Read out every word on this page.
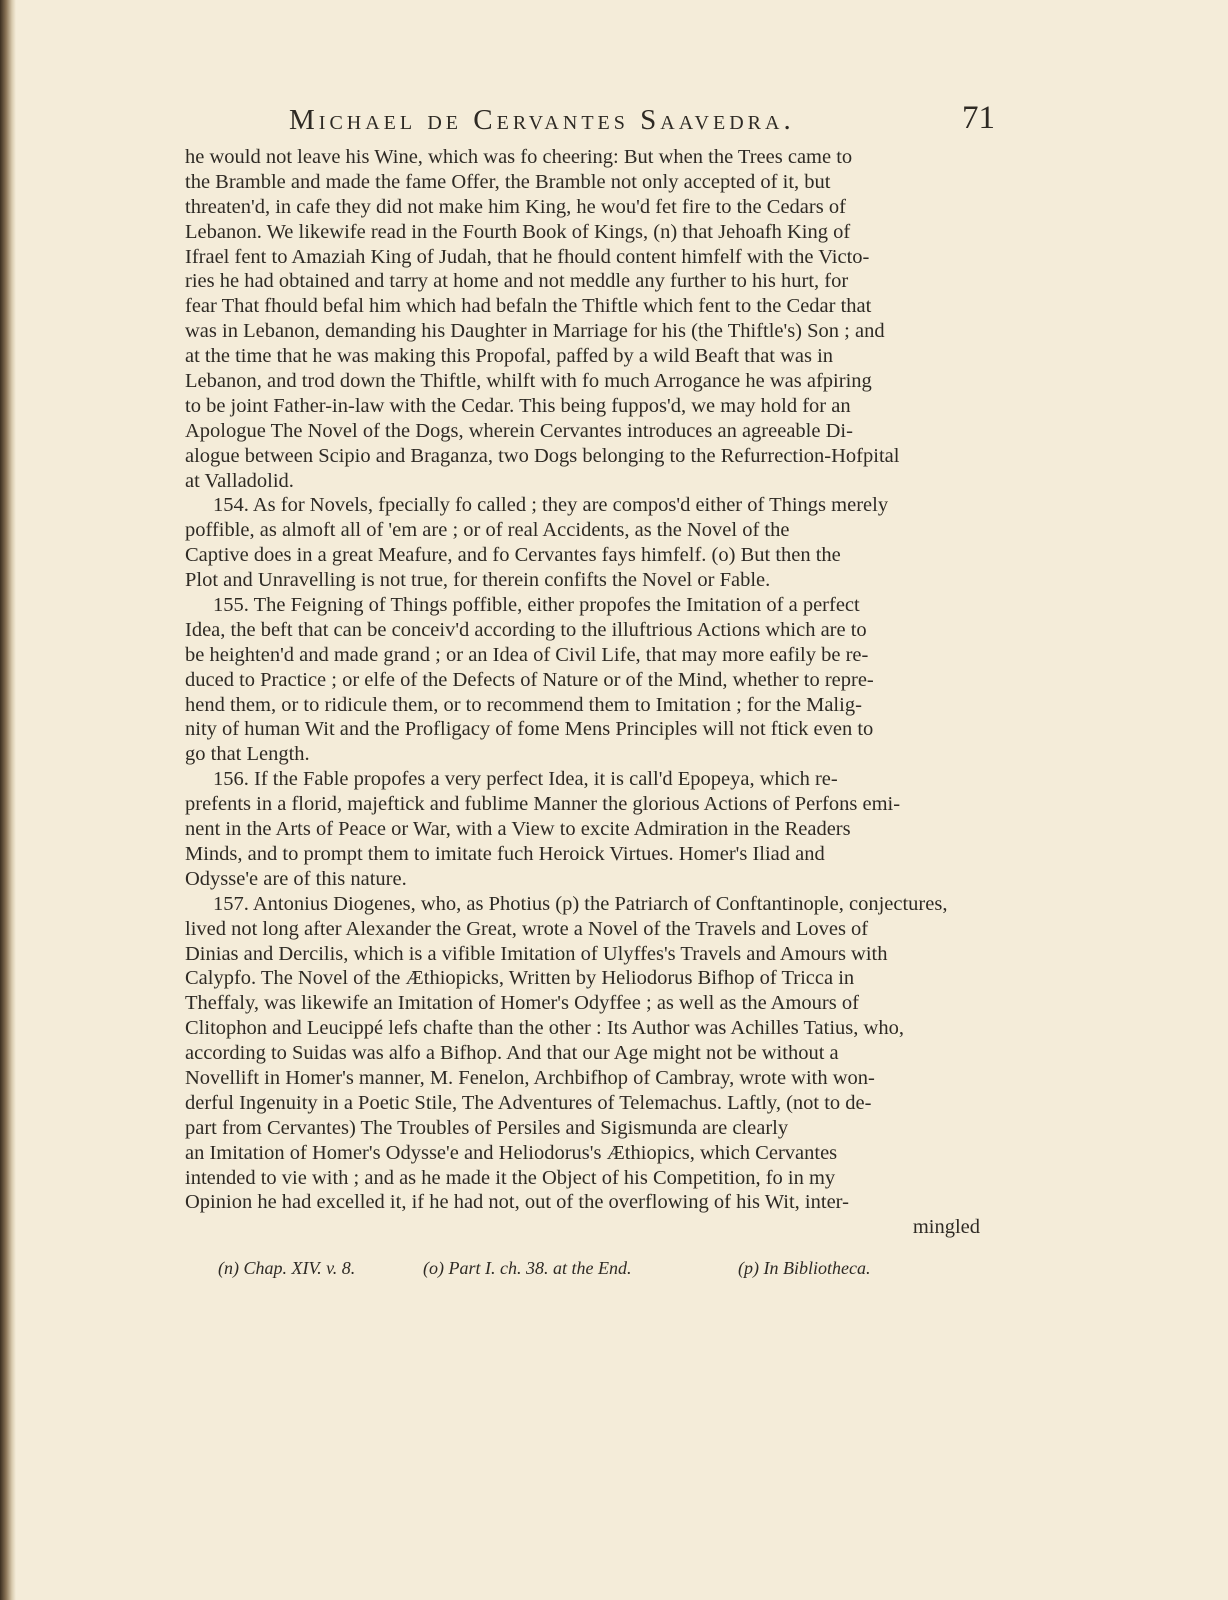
Michael de Cervantes Saavedra.	71
he would not leave his Wine, which was fo cheering: But when the Trees came to
the Bramble and made the fame Offer, the Bramble not only accepted of it, but
threaten'd, in cafe they did not make him King, he wou'd fet fire to the Cedars of
Lebanon. We likewife read in the Fourth Book of Kings, (n) that Jehoafh King of
Ifrael fent to Amaziah King of Judah, that he fhould content himfelf with the Victo-
ries he had obtained and tarry at home and not meddle any further to his hurt, for
fear That fhould befal him which had befaln the Thiftle which fent to the Cedar that
was in Lebanon, demanding his Daughter in Marriage for his (the Thiftle's) Son ; and
at the time that he was making this Propofal, paffed by a wild Beaft that was in
Lebanon, and trod down the Thiftle, whilft with fo much Arrogance he was afpiring
to be joint Father-in-law with the Cedar. This being fuppos'd, we may hold for an
Apologue The Novel of the Dogs, wherein Cervantes introduces an agreeable Di-
alogue between Scipio and Braganza, two Dogs belonging to the Refurrection-Hofpital
at Valladolid.
154. As for Novels, fpecially fo called ; they are compos'd either of Things merely
poffible, as almoft all of 'em are ; or of real Accidents, as the Novel of the
Captive does in a great Meafure, and fo Cervantes fays himfelf. (o) But then the
Plot and Unravelling is not true, for therein confifts the Novel or Fable.
155. The Feigning of Things poffible, either propofes the Imitation of a perfect
Idea, the beft that can be conceiv'd according to the illuftrious Actions which are to
be heighten'd and made grand ; or an Idea of Civil Life, that may more eafily be re-
duced to Practice ; or elfe of the Defects of Nature or of the Mind, whether to repre-
hend them, or to ridicule them, or to recommend them to Imitation ; for the Malig-
nity of human Wit and the Profligacy of fome Mens Principles will not ftick even to
go that Length.
156. If the Fable propofes a very perfect Idea, it is call'd Epopeya, which re-
prefents in a florid, majeftick and fublime Manner the glorious Actions of Perfons emi-
nent in the Arts of Peace or War, with a View to excite Admiration in the Readers
Minds, and to prompt them to imitate fuch Heroick Virtues. Homer's Iliad and
Odysse'e are of this nature.
157. Antonius Diogenes, who, as Photius (p) the Patriarch of Conftantinople, conjectures,
lived not long after Alexander the Great, wrote a Novel of the Travels and Loves of
Dinias and Dercilis, which is a vifible Imitation of Ulyffes's Travels and Amours with
Calypfo. The Novel of the Æthiopicks, Written by Heliodorus Bifhop of Tricca in
Theffaly, was likewife an Imitation of Homer's Odyffee ; as well as the Amours of
Clitophon and Leucippé lefs chafte than the other : Its Author was Achilles Tatius, who,
according to Suidas was alfo a Bifhop. And that our Age might not be without a
Novellift in Homer's manner, M. Fenelon, Archbifhop of Cambray, wrote with won-
derful Ingenuity in a Poetic Stile, The Adventures of Telemachus. Laftly, (not to de-
part from Cervantes) The Troubles of Persiles and Sigismunda are clearly
an Imitation of Homer's Odysse'e and Heliodorus's Æthiopics, which Cervantes
intended to vie with ; and as he made it the Object of his Competition, fo in my
Opinion he had excelled it, if he had not, out of the overflowing of his Wit, inter-
mingled
(n) Chap. XIV. v. 8.	(o) Part I. ch. 38. at the End.	(p) In Bibliotheca.
